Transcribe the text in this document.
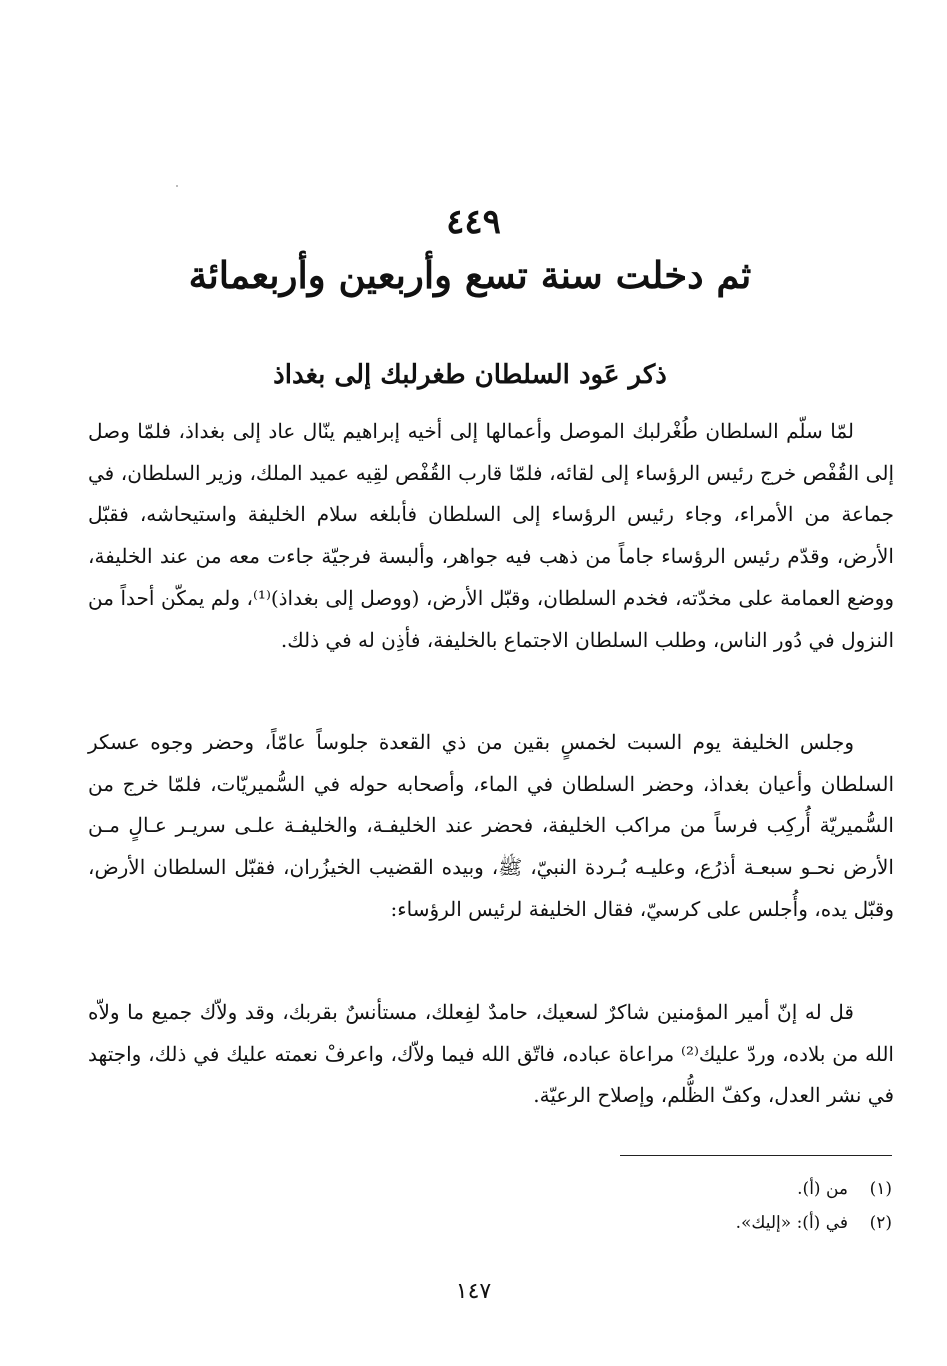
٤٤٩
ثم دخلت سنة تسع وأربعين وأربعمائة
ذكر عَود السلطان طغرلبك إلى بغداذ

لمّا سلّم السلطان طُغْرلبك الموصل وأعمالها إلى أخيه إبراهيم ينّال عاد إلى بغداذ، فلمّا وصل إلى القُفْص خرج رئيس الرؤساء إلى لقائه، فلمّا قارب القُفْص لقِيه عميد الملك، وزير السلطان، في جماعة من الأمراء، وجاء رئيس الرؤساء إلى السلطان فأبلغه سلام الخليفة واستيحاشه، فقبّل الأرض، وقدّم رئيس الرؤساء جاماً من ذهب فيه جواهر، وألبسة فرجيّة جاءت معه من عند الخليفة، ووضع العمامة على مخدّته، فخدم السلطان، وقبّل الأرض، (ووصل إلى بغداذ)⁽¹⁾، ولم يمكّن أحداً من النزول في دُور الناس، وطلب السلطان الاجتماع بالخليفة، فأذِن له في ذلك.

وجلس الخليفة يوم السبت لخمسٍ بقين من ذي القعدة جلوساً عامّاً، وحضر وجوه عسكر السلطان وأعيان بغداذ، وحضر السلطان في الماء، وأصحابه حوله في السُّميريّات، فلمّا خرج من السُّميريّة أُركِب فرساً من مراكب الخليفة، فحضر عند الخليفـة، والخليفـة علـى سريـر عـالٍ مـن الأرض نحـو سبعـة أذرُع، وعليـه بُـردة النبيّ، ﷺ، وبيده القضيب الخيزُران، فقبّل السلطان الأرض، وقبّل يده، وأُجلس على كرسيّ، فقال الخليفة لرئيس الرؤساء:

قل له إنّ أمير المؤمنين شاكرٌ لسعيك، حامدٌ لفِعلك، مستأنسٌ بقربك، وقد ولاّك جميع ما ولاّه الله من بلاده، وردّ عليك⁽²⁾ مراعاة عباده، فاتّق الله فيما ولاّك، واعرفْ نعمته عليك في ذلك، واجتهد في نشر العدل، وكفّ الظُّلم، وإصلاح الرعيّة.

(١)
من (أ).
(٢)
في (أ): «إليك».
١٤٧
